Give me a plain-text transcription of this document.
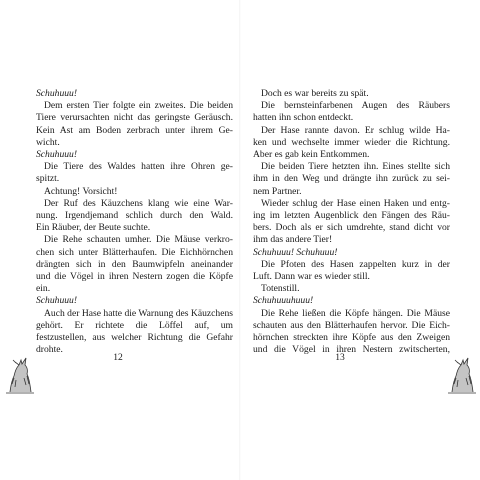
Schuhuuu!
Dem ersten Tier folgte ein zweites. Die beiden
Tiere verursachten nicht das geringste Geräusch.
Kein Ast am Boden zerbrach unter ihrem Ge-
wicht.
Schuhuuu!
Die Tiere des Waldes hatten ihre Ohren ge-
spitzt.
Achtung! Vorsicht!
Der Ruf des Käuzchens klang wie eine War-
nung. Irgendjemand schlich durch den Wald.
Ein Räuber, der Beute suchte.
Die Rehe schauten umher. Die Mäuse verkro-
chen sich unter Blätterhaufen. Die Eichhörnchen
drängten sich in den Baumwipfeln aneinander
und die Vögel in ihren Nestern zogen die Köpfe
ein.
Schuhuuu!
Auch der Hase hatte die Warnung des Käuzchens
gehört. Er richtete die Löffel auf, um
festzustellen, aus welcher Richtung die Gefahr
drohte.
Doch es war bereits zu spät.
Die bernsteinfarbenen Augen des Räubers
hatten ihn schon entdeckt.
Der Hase rannte davon. Er schlug wilde Ha-
ken und wechselte immer wieder die Richtung.
Aber es gab kein Entkommen.
Die beiden Tiere hetzten ihn. Eines stellte sich
ihm in den Weg und drängte ihn zurück zu sei-
nem Partner.
Wieder schlug der Hase einen Haken und entg-
ing im letzten Augenblick den Fängen des Räu-
bers. Doch als er sich umdrehte, stand dicht vor
ihm das andere Tier!
Schuhuuu! Schuhuuu!
Die Pfoten des Hasen zappelten kurz in der
Luft. Dann war es wieder still.
Totenstill.
Schuhuuuhuuu!
Die Rehe ließen die Köpfe hängen. Die Mäuse
schauten aus den Blätterhaufen hervor. Die Eich-
hörnchen streckten ihre Köpfe aus den Zweigen
und die Vögel in ihren Nestern zwitscherten,
12	13
